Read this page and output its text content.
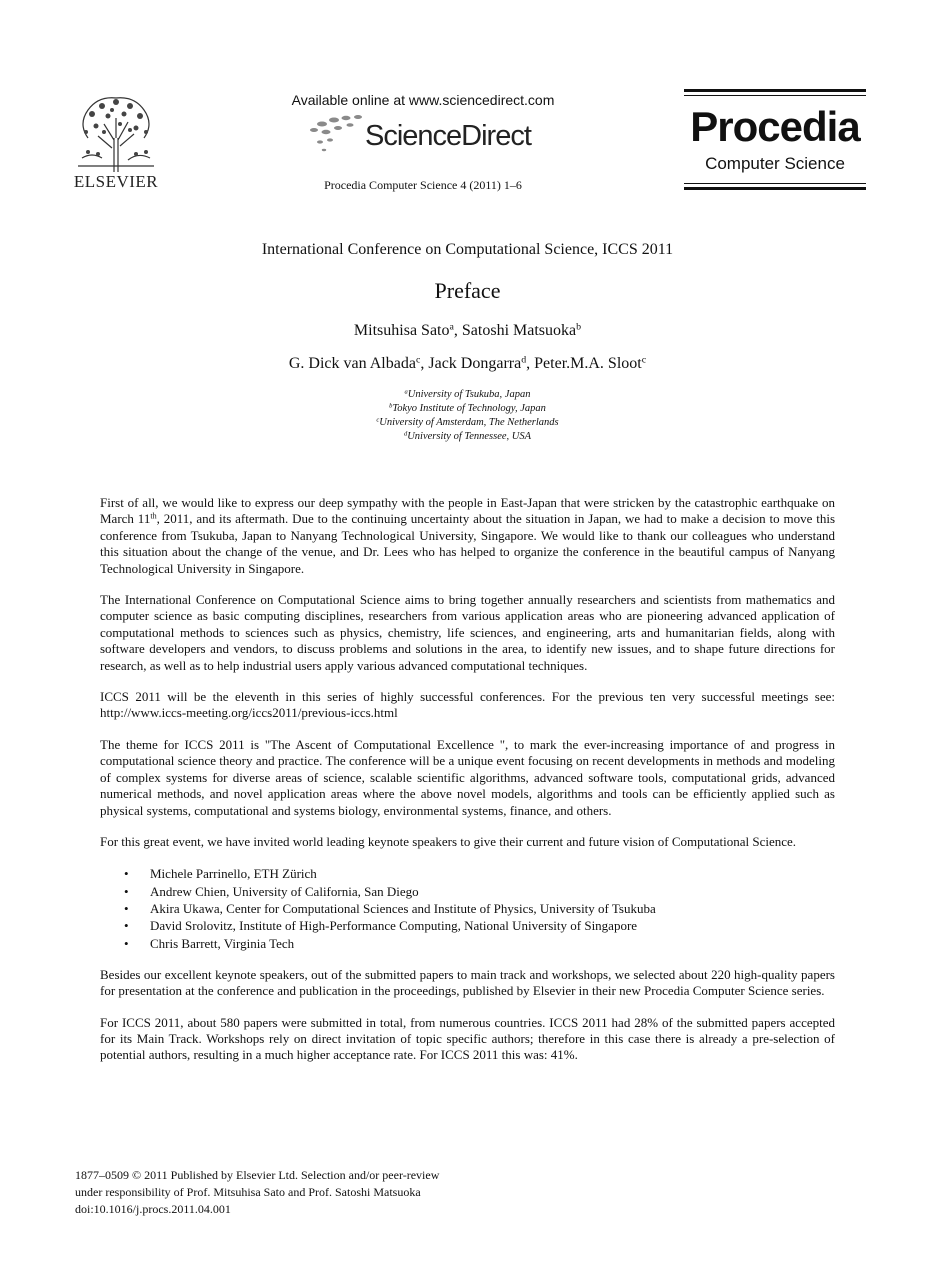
ELSEVIER
Available online at www.sciencedirect.com
ScienceDirect
Procedia Computer Science 4 (2011) 1–6
Procedia
Computer Science
International Conference on Computational Science, ICCS 2011
Preface
Mitsuhisa Sato$^a$, Satoshi Matsuoka$^b$
G. Dick van Albada$^c$, Jack Dongarra$^d$, Peter.M.A. Sloot$^c$
$^a$University of Tsukuba, Japan
$^b$Tokyo Institute of Technology, Japan
$^c$University of Amsterdam, The Netherlands
$^d$University of Tennessee, USA

First of all, we would like to express our deep sympathy with the people in East-Japan that were stricken by the catastrophic earthquake on March 11th, 2011, and its aftermath. Due to the continuing uncertainty about the situation in Japan, we had to make a decision to move this conference from Tsukuba, Japan to Nanyang Technological University, Singapore. We would like to thank our colleagues who understand this situation about the change of the venue, and Dr. Lees who has helped to organize the conference in the beautiful campus of Nanyang Technological University in Singapore.

The International Conference on Computational Science aims to bring together annually researchers and scientists from mathematics and computer science as basic computing disciplines, researchers from various application areas who are pioneering advanced application of computational methods to sciences such as physics, chemistry, life sciences, and engineering, arts and humanitarian fields, along with software developers and vendors, to discuss problems and solutions in the area, to identify new issues, and to shape future directions for research, as well as to help industrial users apply various advanced computational techniques.

ICCS 2011 will be the eleventh in this series of highly successful conferences. For the previous ten very successful meetings see: http://www.iccs-meeting.org/iccs2011/previous-iccs.html

The theme for ICCS 2011 is "The Ascent of Computational Excellence ", to mark the ever-increasing importance of and progress in computational science theory and practice. The conference will be a unique event focusing on recent developments in methods and modeling of complex systems for diverse areas of science, scalable scientific algorithms, advanced software tools, computational grids, advanced numerical methods, and novel application areas where the above novel models, algorithms and tools can be efficiently applied such as physical systems, computational and systems biology, environmental systems, finance, and others.

For this great event, we have invited world leading keynote speakers to give their current and future vision of Computational Science.

• Michele Parrinello, ETH Zürich
• Andrew Chien, University of California, San Diego
• Akira Ukawa, Center for Computational Sciences and Institute of Physics, University of Tsukuba
• David Srolovitz, Institute of High-Performance Computing, National University of Singapore
• Chris Barrett, Virginia Tech

Besides our excellent keynote speakers, out of the submitted papers to main track and workshops, we selected about 220 high-quality papers for presentation at the conference and publication in the proceedings, published by Elsevier in their new Procedia Computer Science series.

For ICCS 2011, about 580 papers were submitted in total, from numerous countries. ICCS 2011 had 28% of the submitted papers accepted for its Main Track. Workshops rely on direct invitation of topic specific authors; therefore in this case there is already a pre-selection of potential authors, resulting in a much higher acceptance rate. For ICCS 2011 this was: 41%.

1877–0509 © 2011 Published by Elsevier Ltd. Selection and/or peer-review
under responsibility of Prof. Mitsuhisa Sato and Prof. Satoshi Matsuoka
doi:10.1016/j.procs.2011.04.001
